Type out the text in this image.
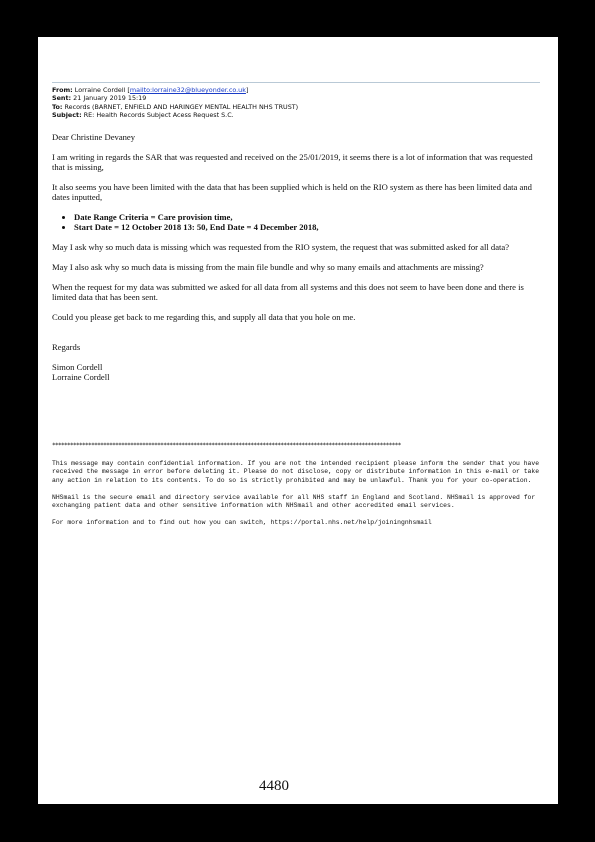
From: Lorraine Cordell [mailto:lorraine32@blueyonder.co.uk]
Sent: 21 January 2019 15:19
To: Records (BARNET, ENFIELD AND HARINGEY MENTAL HEALTH NHS TRUST)
Subject: RE: Health Records Subject Acess Request S.C.

Dear Christine Devaney

I am writing in regards the SAR that was requested and received on the 25/01/2019, it seems there is a lot of information that was requested that is missing,

It also seems you have been limited with the data that has been supplied which is held on the RIO system as there has been limited data and dates inputted,

• Date Range Criteria = Care provision time,
• Start Date = 12 October 2018 13: 50, End Date = 4 December 2018,

May I ask why so much data is missing which was requested from the RIO system, the request that was submitted asked for all data?

May I also ask why so much data is missing from the main file bundle and why so many emails and attachments are missing?

When the request for my data was submitted we asked for all data from all systems and this does not seem to have been done and there is limited data that has been sent.

Could you please get back to me regarding this, and supply all data that you hole on me.

Regards

Simon Cordell

Lorraine Cordell

********************************************************************************************************************

This message may contain confidential information. If you are not the intended recipient please inform the sender that you have received the message in error before deleting it. Please do not disclose, copy or distribute information in this e-mail or take any action in relation to its contents. To do so is strictly prohibited and may be unlawful. Thank you for your co-operation.

NHSmail is the secure email and directory service available for all NHS staff in England and Scotland. NHSmail is approved for exchanging patient data and other sensitive information with NHSmail and other accredited email services.

For more information and to find out how you can switch, https://portal.nhs.net/help/joiningnhsmail

4480
